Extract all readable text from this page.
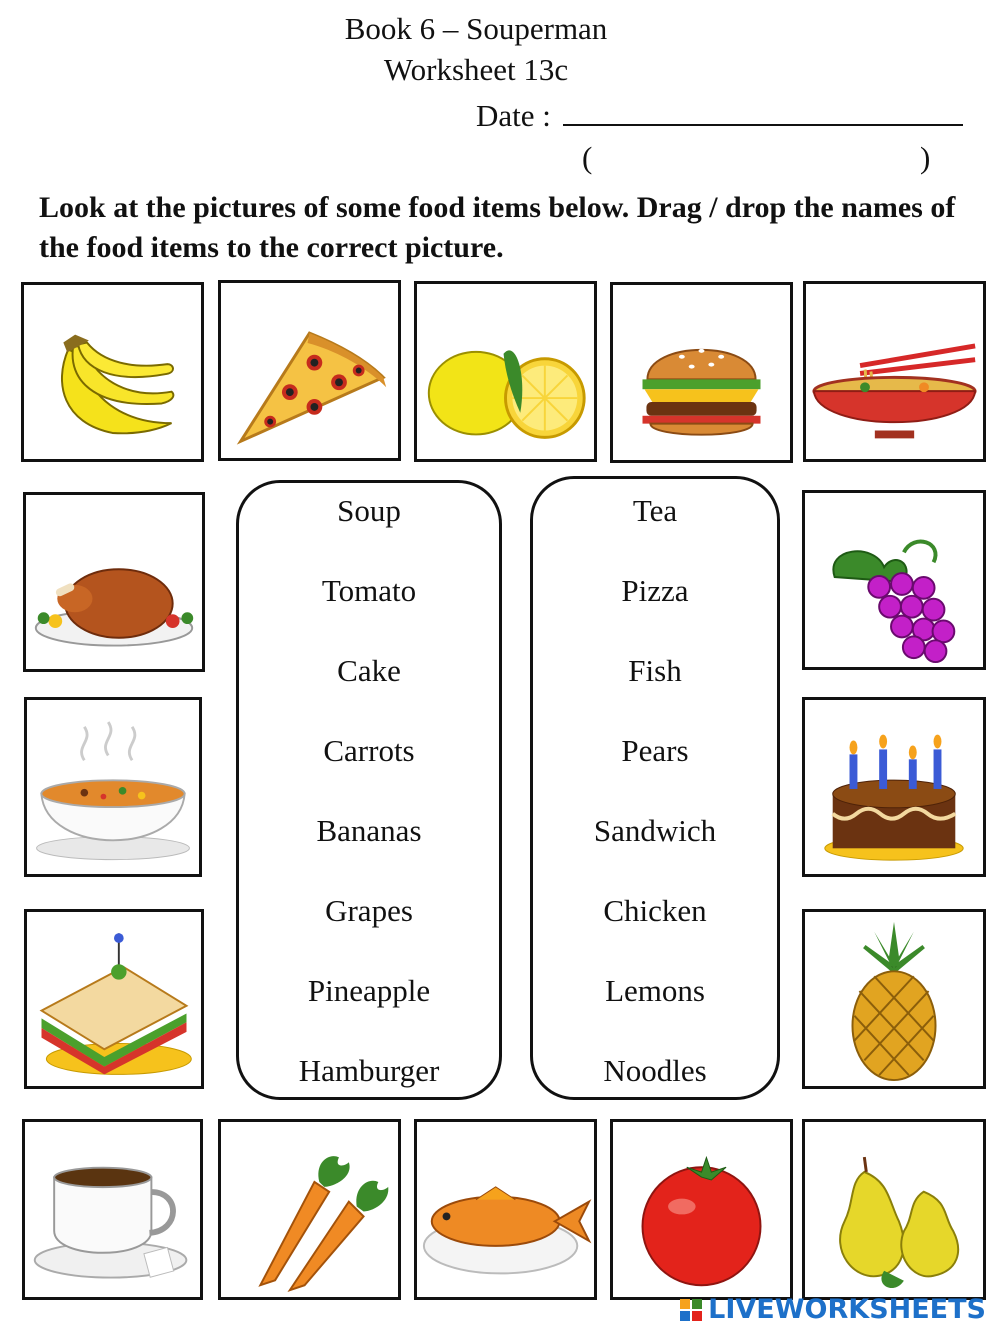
Book 6 – Souperman
Worksheet 13c
Date :
(	)
Look at the pictures of some food items below. Drag / drop the names of the food items to the correct picture.
Soup
Tomato
Cake
Carrots
Bananas
Grapes
Pineapple
Hamburger
Tea
Pizza
Fish
Pears
Sandwich
Chicken
Lemons
Noodles
LIVEWORKSHEETS
